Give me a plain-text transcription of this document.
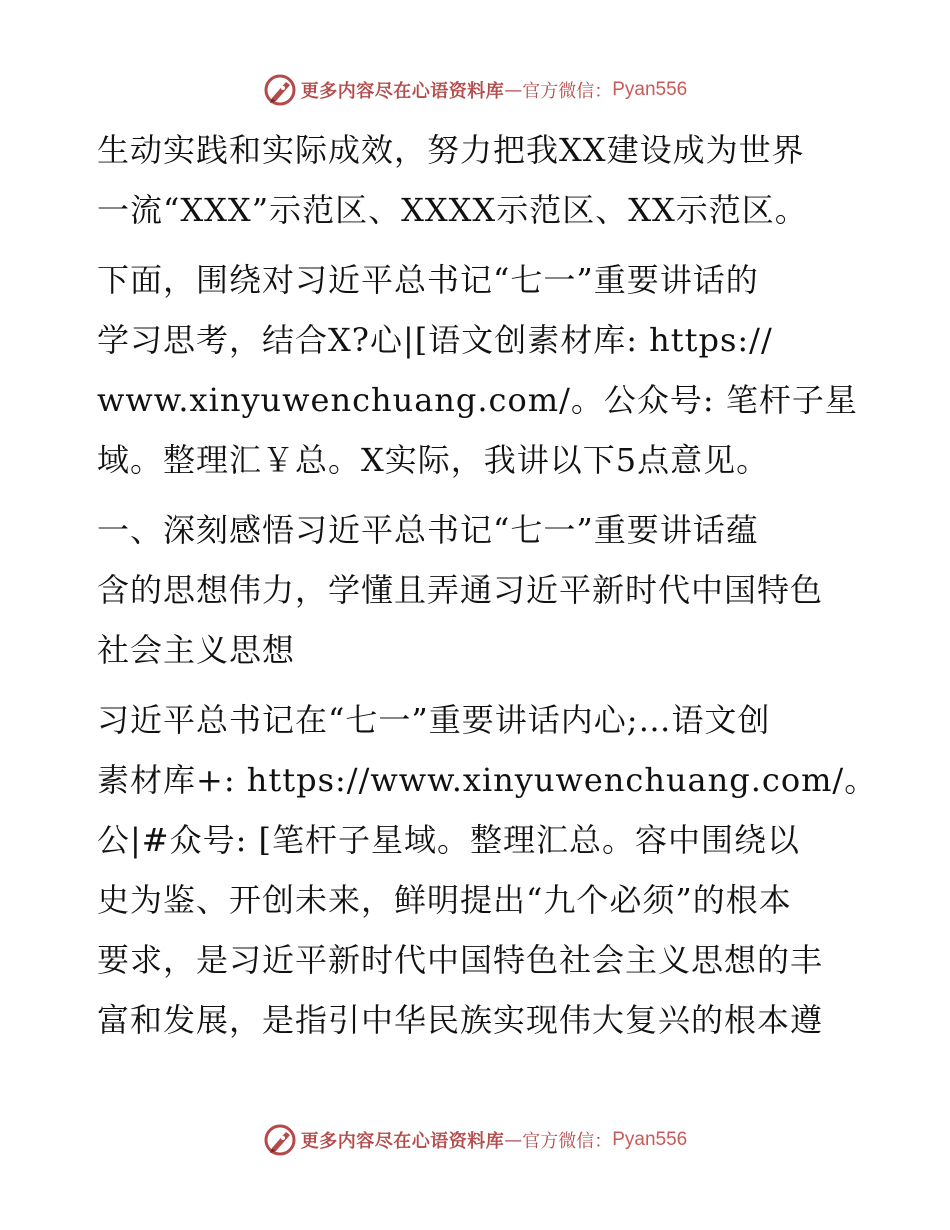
更多内容尽在心语资料库 — 官方微信： Pyan556
生动实践和实际成效，努力把我XX建设成为世界
一流“XXX”示范区、XXXX示范区、XX示范区。
下面，围绕对习近平总书记“七一”重要讲话的
学习思考，结合X?心|[语文创素材库: https://
www.xinyuwenchuang.com/。公众号: 笔杆子星
域。整理汇￥总。X实际，我讲以下5点意见。
一、深刻感悟习近平总书记“七一”重要讲话蕴
含的思想伟力，学懂且弄通习近平新时代中国特色
社会主义思想
习近平总书记在“七一”重要讲话内心;…语文创
素材库+: https://www.xinyuwenchuang.com/。
公|#众号: [笔杆子星域。整理汇总。容中围绕以
史为鉴、开创未来，鲜明提出“九个必须”的根本
要求，是习近平新时代中国特色社会主义思想的丰
富和发展，是指引中华民族实现伟大复兴的根本遵
更多内容尽在心语资料库 — 官方微信： Pyan556
